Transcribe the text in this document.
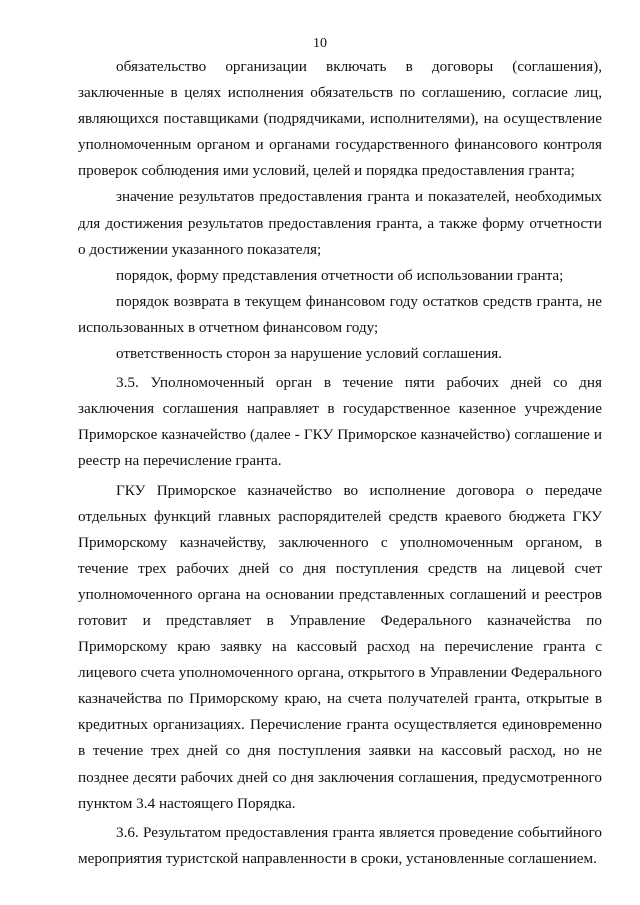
10

обязательство организации включать в договоры (соглашения), заключенные в целях исполнения обязательств по соглашению, согласие лиц, являющихся поставщиками (подрядчиками, исполнителями), на осуществление уполномоченным органом и органами государственного финансового контроля проверок соблюдения ими условий, целей и порядка предоставления гранта;

значение результатов предоставления гранта и показателей, необходимых для достижения результатов предоставления гранта, а также форму отчетности о достижении указанного показателя;

порядок, форму представления отчетности об использовании гранта;

порядок возврата в текущем финансовом году остатков средств гранта, не использованных в отчетном финансовом году;

ответственность сторон за нарушение условий соглашения.

3.5. Уполномоченный орган в течение пяти рабочих дней со дня заключения соглашения направляет в государственное казенное учреждение Приморское казначейство (далее - ГКУ Приморское казначейство) соглашение и реестр на перечисление гранта.

ГКУ Приморское казначейство во исполнение договора о передаче отдельных функций главных распорядителей средств краевого бюджета ГКУ Приморскому казначейству, заключенного с уполномоченным органом, в течение трех рабочих дней со дня поступления средств на лицевой счет уполномоченного органа на основании представленных соглашений и реестров готовит и представляет в Управление Федерального казначейства по Приморскому краю заявку на кассовый расход на перечисление гранта с лицевого счета уполномоченного органа, открытого в Управлении Федерального казначейства по Приморскому краю, на счета получателей гранта, открытые в кредитных организациях. Перечисление гранта осуществляется единовременно в течение трех дней со дня поступления заявки на кассовый расход, но не позднее десяти рабочих дней со дня заключения соглашения, предусмотренного пунктом 3.4 настоящего Порядка.

3.6. Результатом предоставления гранта является проведение событийного мероприятия туристской направленности в сроки, установленные соглашением.
